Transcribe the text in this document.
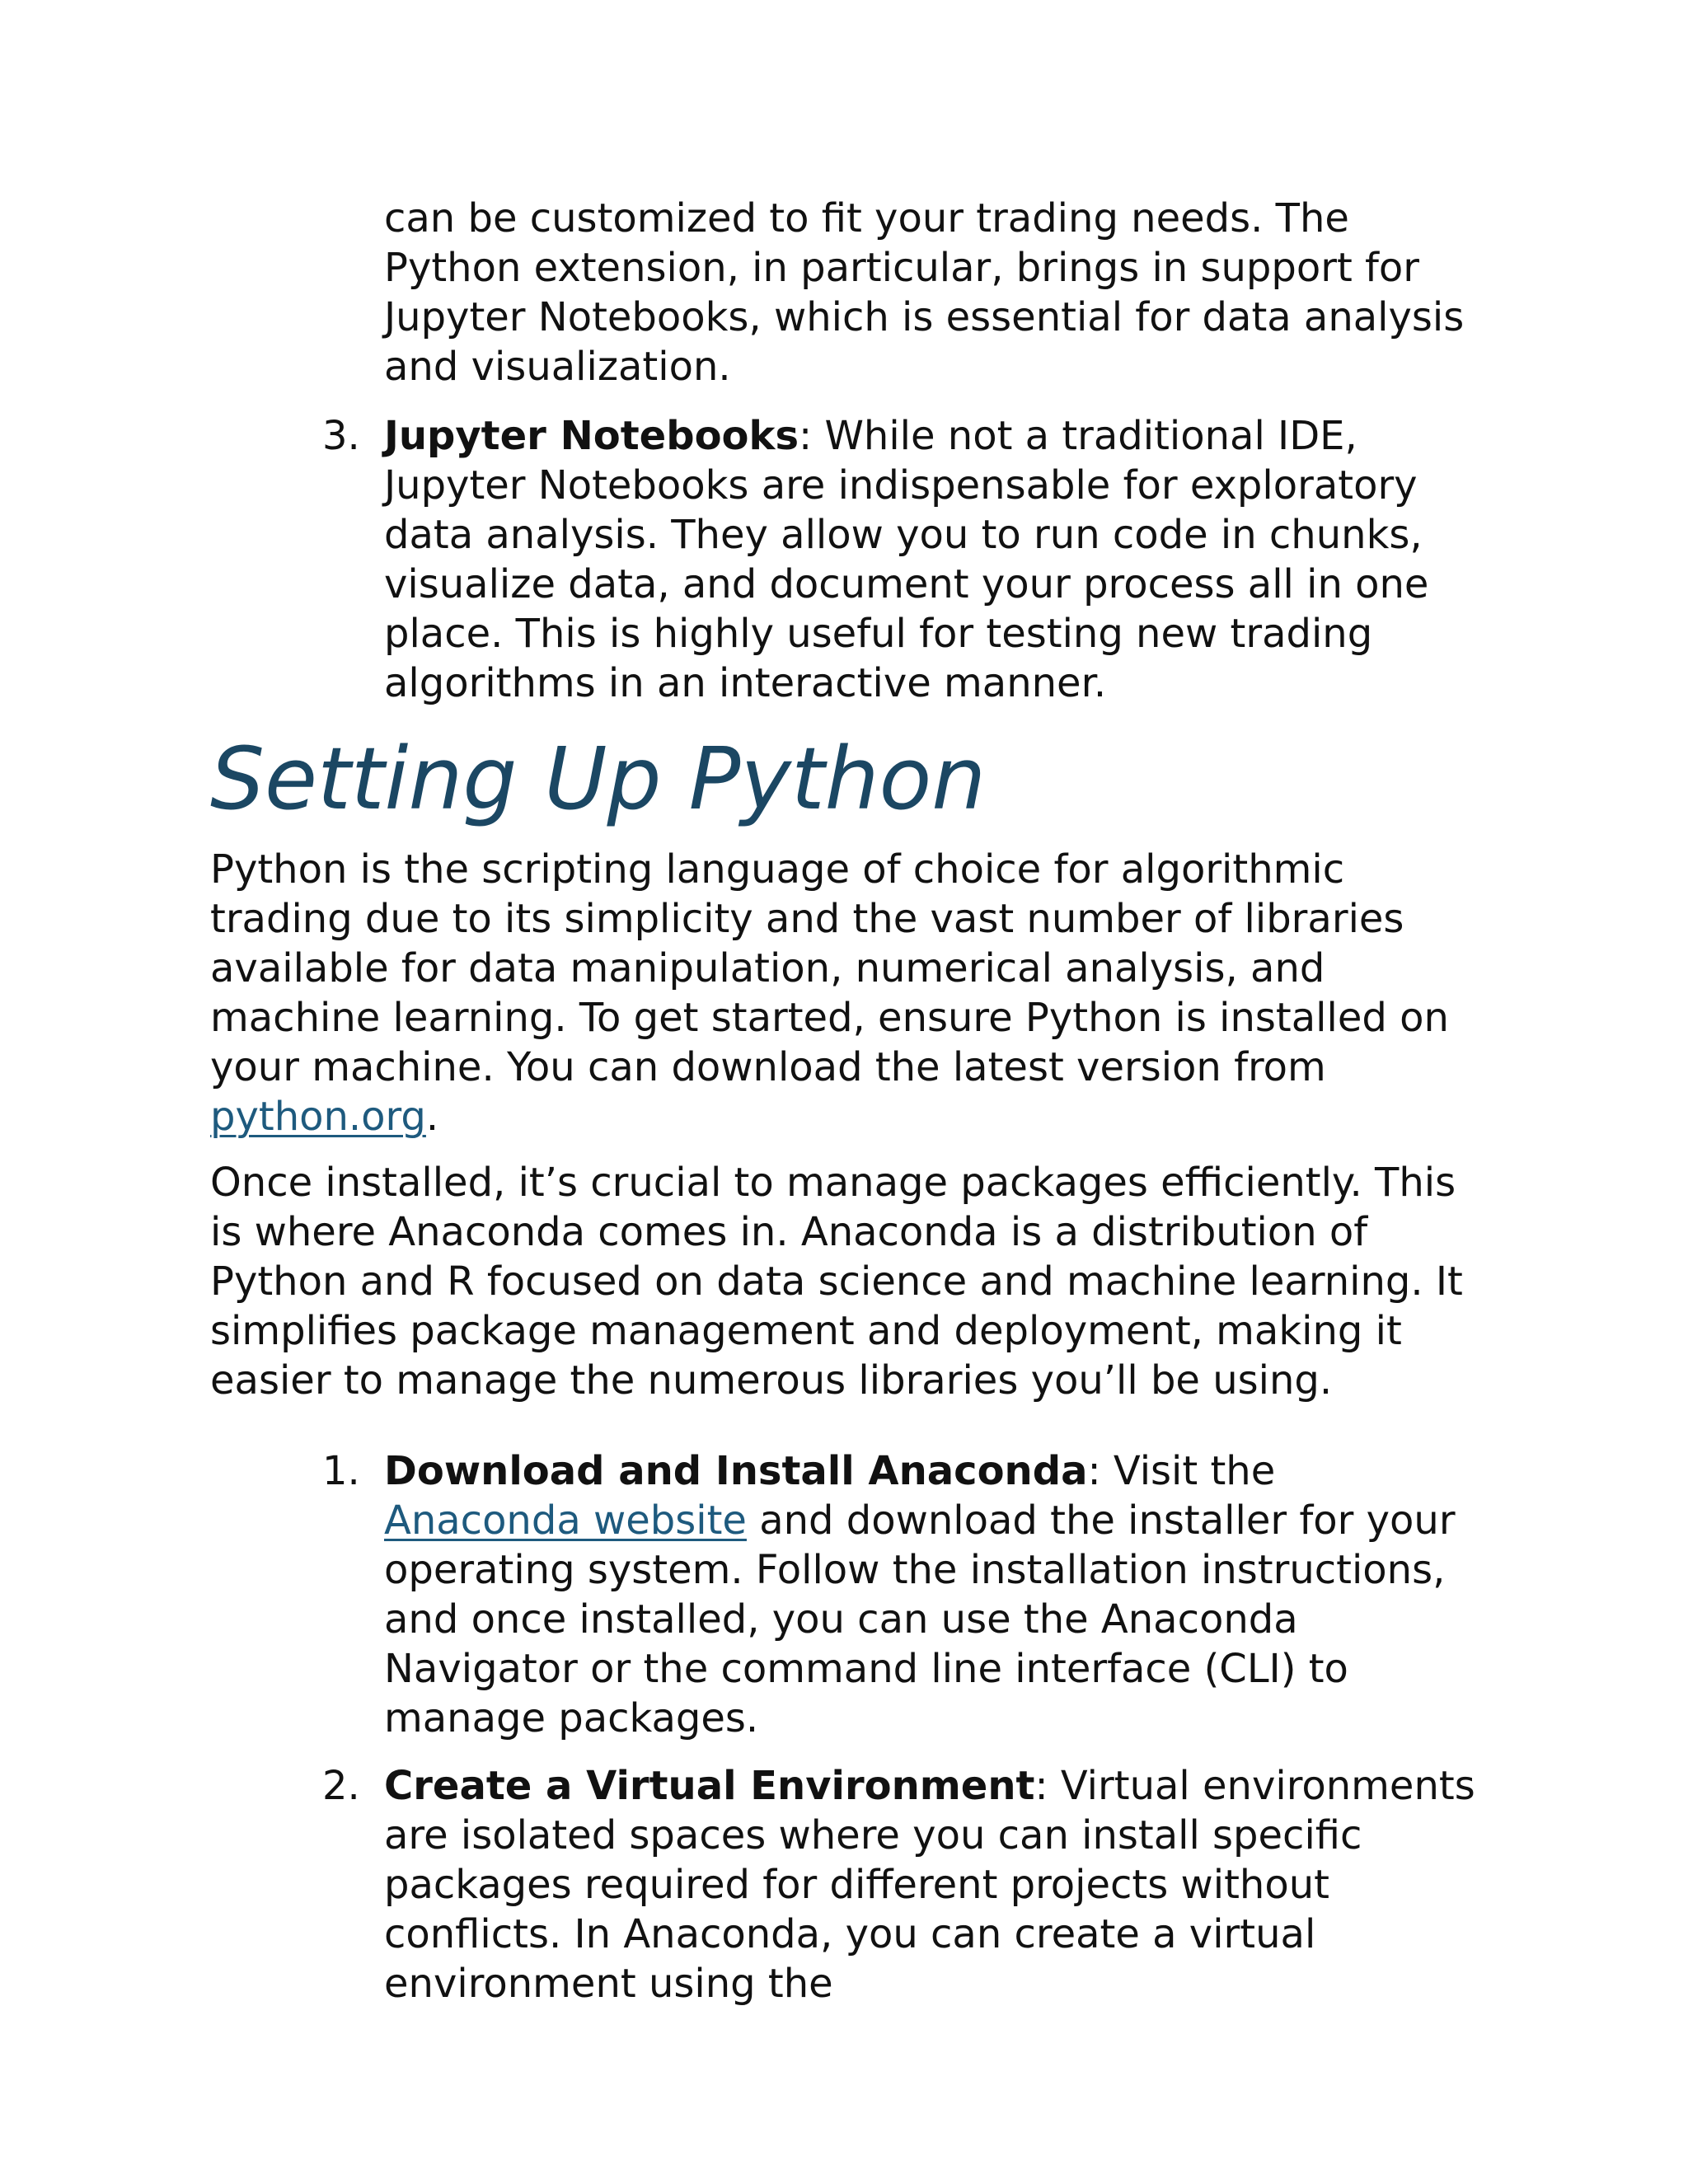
can be customized to fit your trading needs. The Python extension, in particular, brings in support for Jupyter Notebooks, which is essential for data analysis and visualization.
3. Jupyter Notebooks: While not a traditional IDE, Jupyter Notebooks are indispensable for exploratory data analysis. They allow you to run code in chunks, visualize data, and document your process all in one place. This is highly useful for testing new trading algorithms in an interactive manner.
Setting Up Python

Python is the scripting language of choice for algorithmic trading due to its simplicity and the vast number of libraries available for data manipulation, numerical analysis, and machine learning. To get started, ensure Python is installed on your machine. You can download the latest version from python.org.

Once installed, it’s crucial to manage packages efficiently. This is where Anaconda comes in. Anaconda is a distribution of Python and R focused on data science and machine learning. It simplifies package management and deployment, making it easier to manage the numerous libraries you’ll be using.

1. Download and Install Anaconda: Visit the Anaconda website and download the installer for your operating system. Follow the installation instructions, and once installed, you can use the Anaconda Navigator or the command line interface (CLI) to manage packages.
2. Create a Virtual Environment: Virtual environments are isolated spaces where you can install specific packages required for different projects without conflicts. In Anaconda, you can create a virtual environment using the
